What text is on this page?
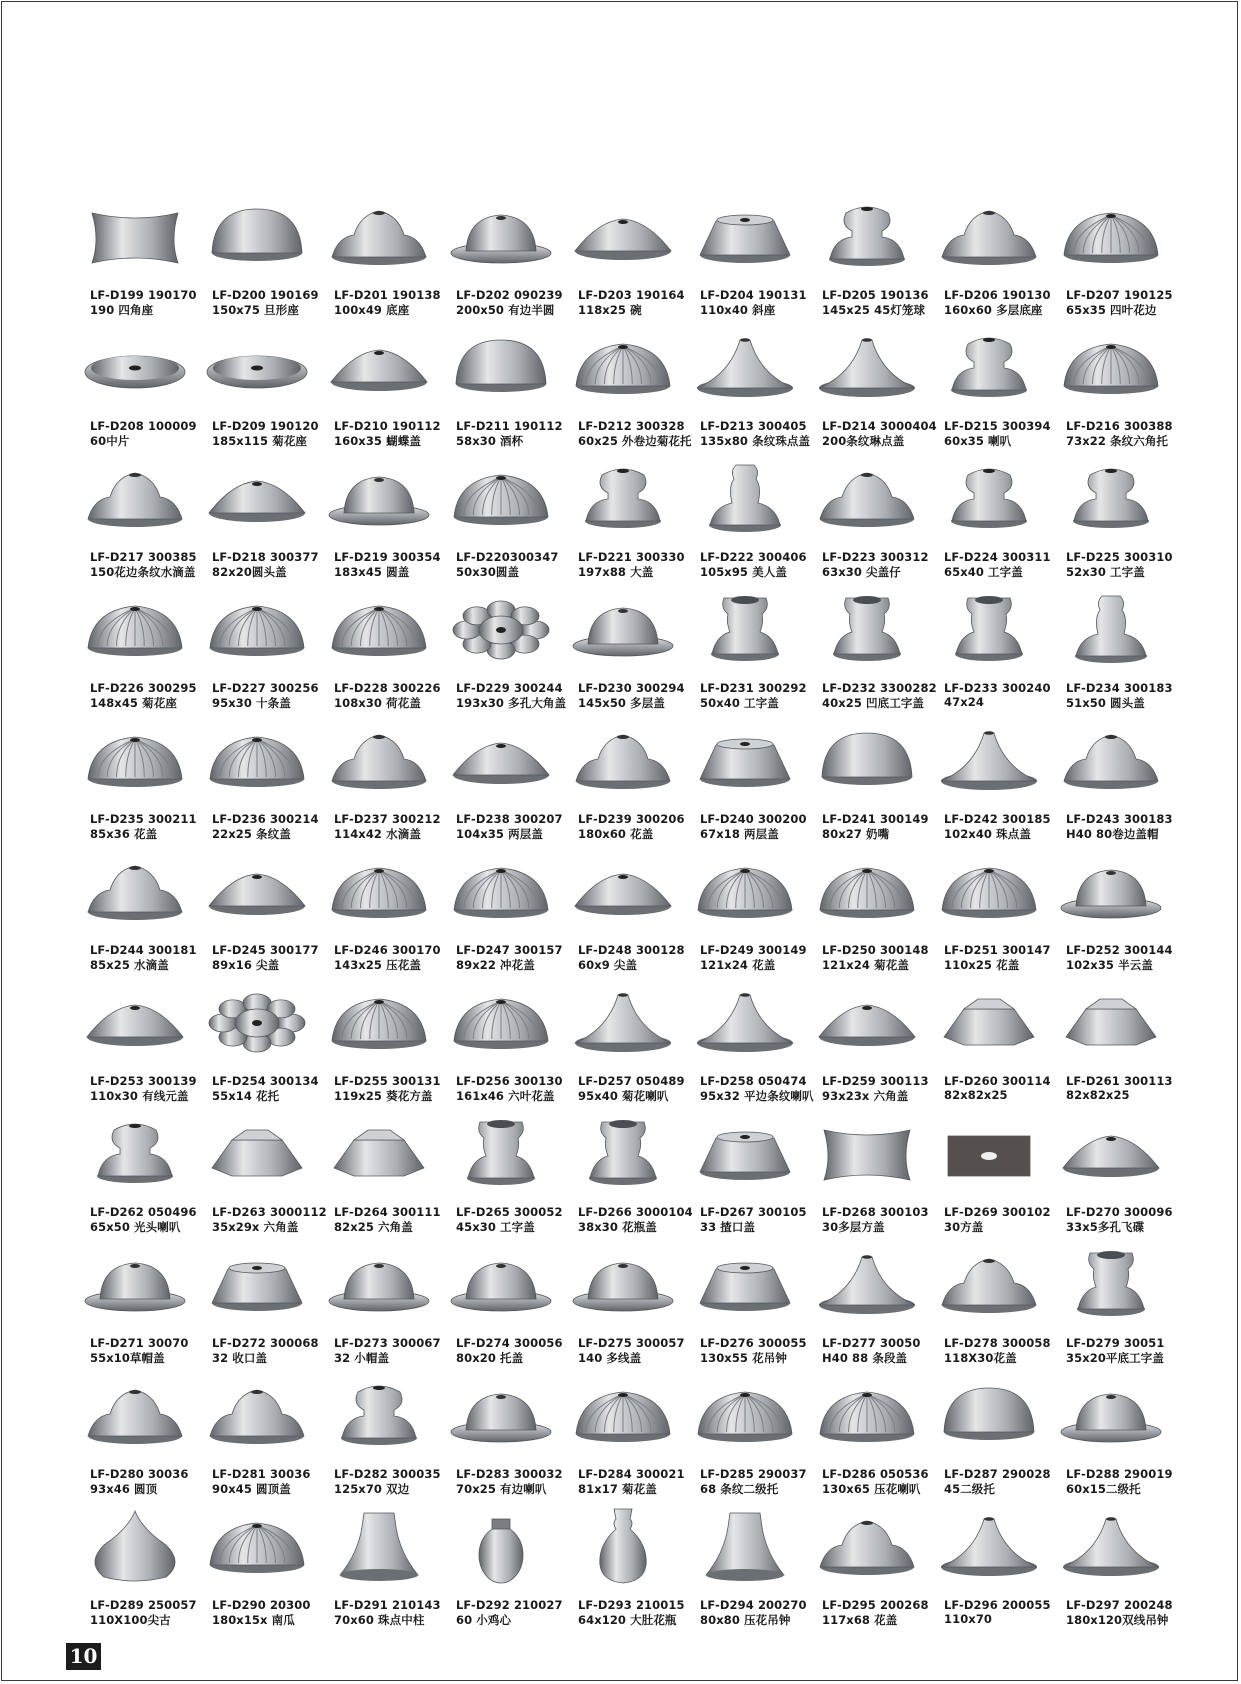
LF-D199 190170
190 四角座
LF-D200 190169
150x75 旦形座
LF-D201 190138
100x49 底座
LF-D202 090239
200x50 有边半圆
LF-D203 190164
118x25 碗
LF-D204 190131
110x40 斜座
LF-D205 190136
145x25 45灯笼球
LF-D206 190130
160x60 多层底座
LF-D207 190125
65x35 四叶花边
LF-D208 100009
60中片
LF-D209 190120
185x115 菊花座
LF-D210 190112
160x35 蝴蝶盖
LF-D211 190112
58x30 酒杯
LF-D212 300328
60x25 外卷边菊花托
LF-D213 300405
135x80 条纹珠点盖
LF-D214 3000404
200条纹琳点盖
LF-D215 300394
60x35 喇叭
LF-D216 300388
73x22 条纹六角托
LF-D217 300385
150花边条纹水滴盖
LF-D218 300377
82x20圆头盖
LF-D219 300354
183x45 圆盖
LF-D220300347
50x30圆盖
LF-D221 300330
197x88 大盖
LF-D222 300406
105x95 美人盖
LF-D223 300312
63x30 尖盖仔
LF-D224 300311
65x40 工字盖
LF-D225 300310
52x30 工字盖
LF-D226 300295
148x45 菊花座
LF-D227 300256
95x30 十条盖
LF-D228 300226
108x30 荷花盖
LF-D229 300244
193x30 多孔大角盖
LF-D230 300294
145x50 多层盖
LF-D231 300292
50x40 工字盖
LF-D232 3300282
40x25 凹底工字盖
LF-D233 300240
47x24
LF-D234 300183
51x50 圆头盖
LF-D235 300211
85x36 花盖
LF-D236 300214
22x25 条纹盖
LF-D237 300212
114x42 水滴盖
LF-D238 300207
104x35 两层盖
LF-D239 300206
180x60 花盖
LF-D240 300200
67x18 两层盖
LF-D241 300149
80x27 奶嘴
LF-D242 300185
102x40 珠点盖
LF-D243 300183
H40 80卷边盖帽
LF-D244 300181
85x25 水滴盖
LF-D245 300177
89x16 尖盖
LF-D246 300170
143x25 压花盖
LF-D247 300157
89x22 冲花盖
LF-D248 300128
60x9 尖盖
LF-D249 300149
121x24 花盖
LF-D250 300148
121x24 菊花盖
LF-D251 300147
110x25 花盖
LF-D252 300144
102x35 半云盖
LF-D253 300139
110x30 有线元盖
LF-D254 300134
55x14 花托
LF-D255 300131
119x25 葵花方盖
LF-D256 300130
161x46 六叶花盖
LF-D257 050489
95x40 菊花喇叭
LF-D258 050474
95x32 平边条纹喇叭
LF-D259 300113
93x23x 六角盖
LF-D260 300114
82x82x25
LF-D261 300113
82x82x25
LF-D262 050496
65x50 光头喇叭
LF-D263 3000112
35x29x 六角盖
LF-D264 300111
82x25 六角盖
LF-D265 300052
45x30 工字盖
LF-D266 3000104
38x30 花瓶盖
LF-D267 300105
33 揸口盖
LF-D268 300103
30多层方盖
LF-D269 300102
30方盖
LF-D270 300096
33x5多孔飞碟
LF-D271 30070
55x10草帽盖
LF-D272 300068
32 收口盖
LF-D273 300067
32 小帽盖
LF-D274 300056
80x20 托盖
LF-D275 300057
140 多线盖
LF-D276 300055
130x55 花吊钟
LF-D277 30050
H40 88 条段盖
LF-D278 300058
118X30花盖
LF-D279 30051
35x20平底工字盖
LF-D280 30036
93x46 圆顶
LF-D281 30036
90x45 圆顶盖
LF-D282 300035
125x70 双边
LF-D283 300032
70x25 有边喇叭
LF-D284 300021
81x17 菊花盖
LF-D285 290037
68 条纹二级托
LF-D286 050536
130x65 压花喇叭
LF-D287 290028
45二级托
LF-D288 290019
60x15二级托
LF-D289 250057
110X100尖古
LF-D290 20300
180x15x 南瓜
LF-D291 210143
70x60 珠点中柱
LF-D292 210027
60 小鸡心
LF-D293 210015
64x120 大肚花瓶
LF-D294 200270
80x80 压花吊钟
LF-D295 200268
117x68 花盖
LF-D296 200055
110x70
LF-D297 200248
180x120双线吊钟
10
